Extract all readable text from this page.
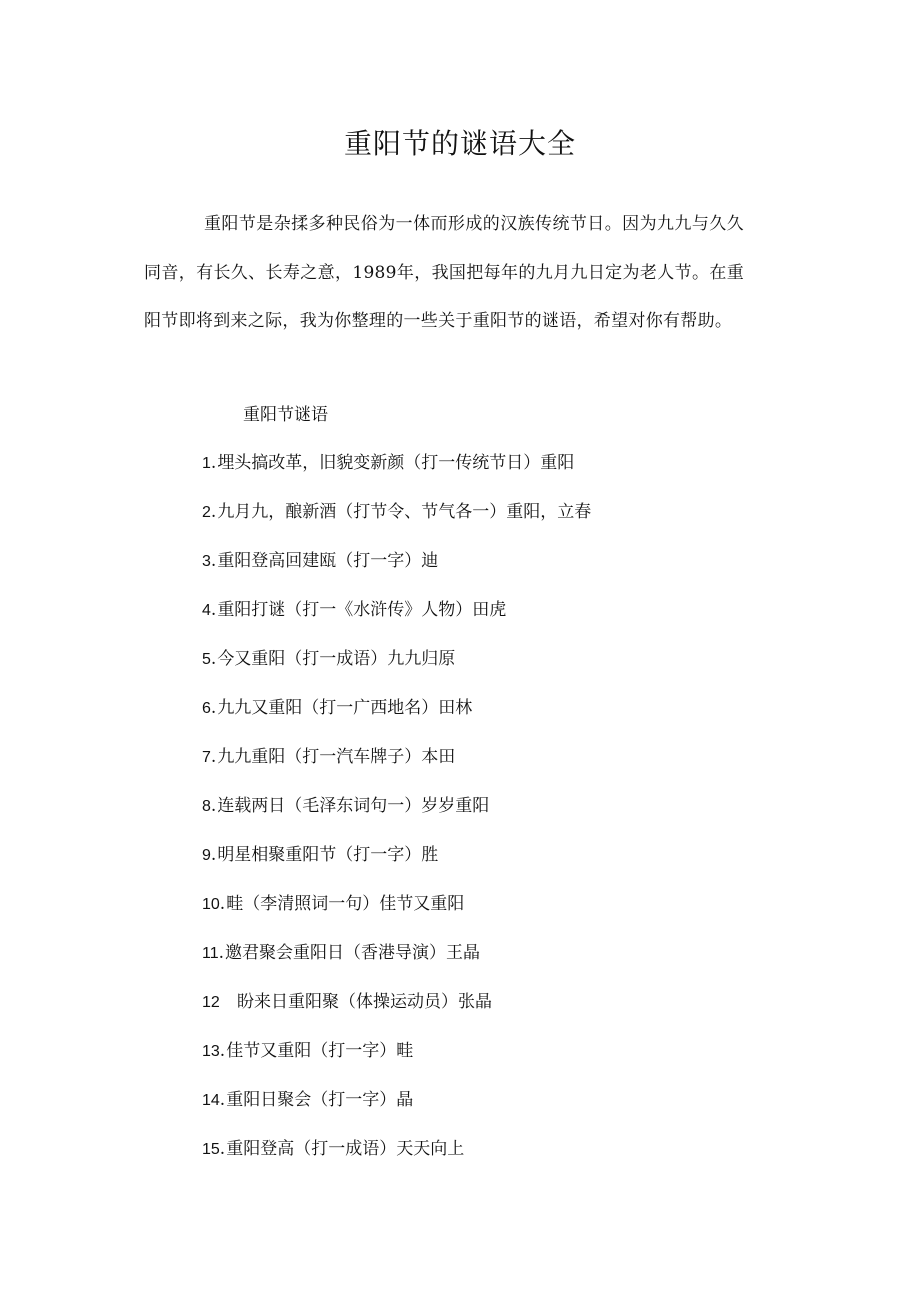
重阳节的谜语大全

重阳节是杂揉多种民俗为一体而形成的汉族传统节日。因为九九与久久同音，有长久、长寿之意，1989年，我国把每年的九月九日定为老人节。在重阳节即将到来之际，我为你整理的一些关于重阳节的谜语，希望对你有帮助。

重阳节谜语
1.埋头搞改革，旧貌变新颜（打一传统节日）重阳
2.九月九，酿新酒（打节令、节气各一）重阳，立春
3.重阳登高回建瓯（打一字）迪
4.重阳打谜（打一《水浒传》人物）田虎
5.今又重阳（打一成语）九九归原
6.九九又重阳（打一广西地名）田林
7.九九重阳（打一汽车牌子）本田
8.连载两日（毛泽东词句一）岁岁重阳
9.明星相聚重阳节（打一字）胜
10.畦（李清照词一句）佳节又重阳
11.邀君聚会重阳日（香港导演）王晶
12 盼来日重阳聚（体操运动员）张晶
13.佳节又重阳（打一字）畦
14.重阳日聚会（打一字）晶
15.重阳登高（打一成语）天天向上
